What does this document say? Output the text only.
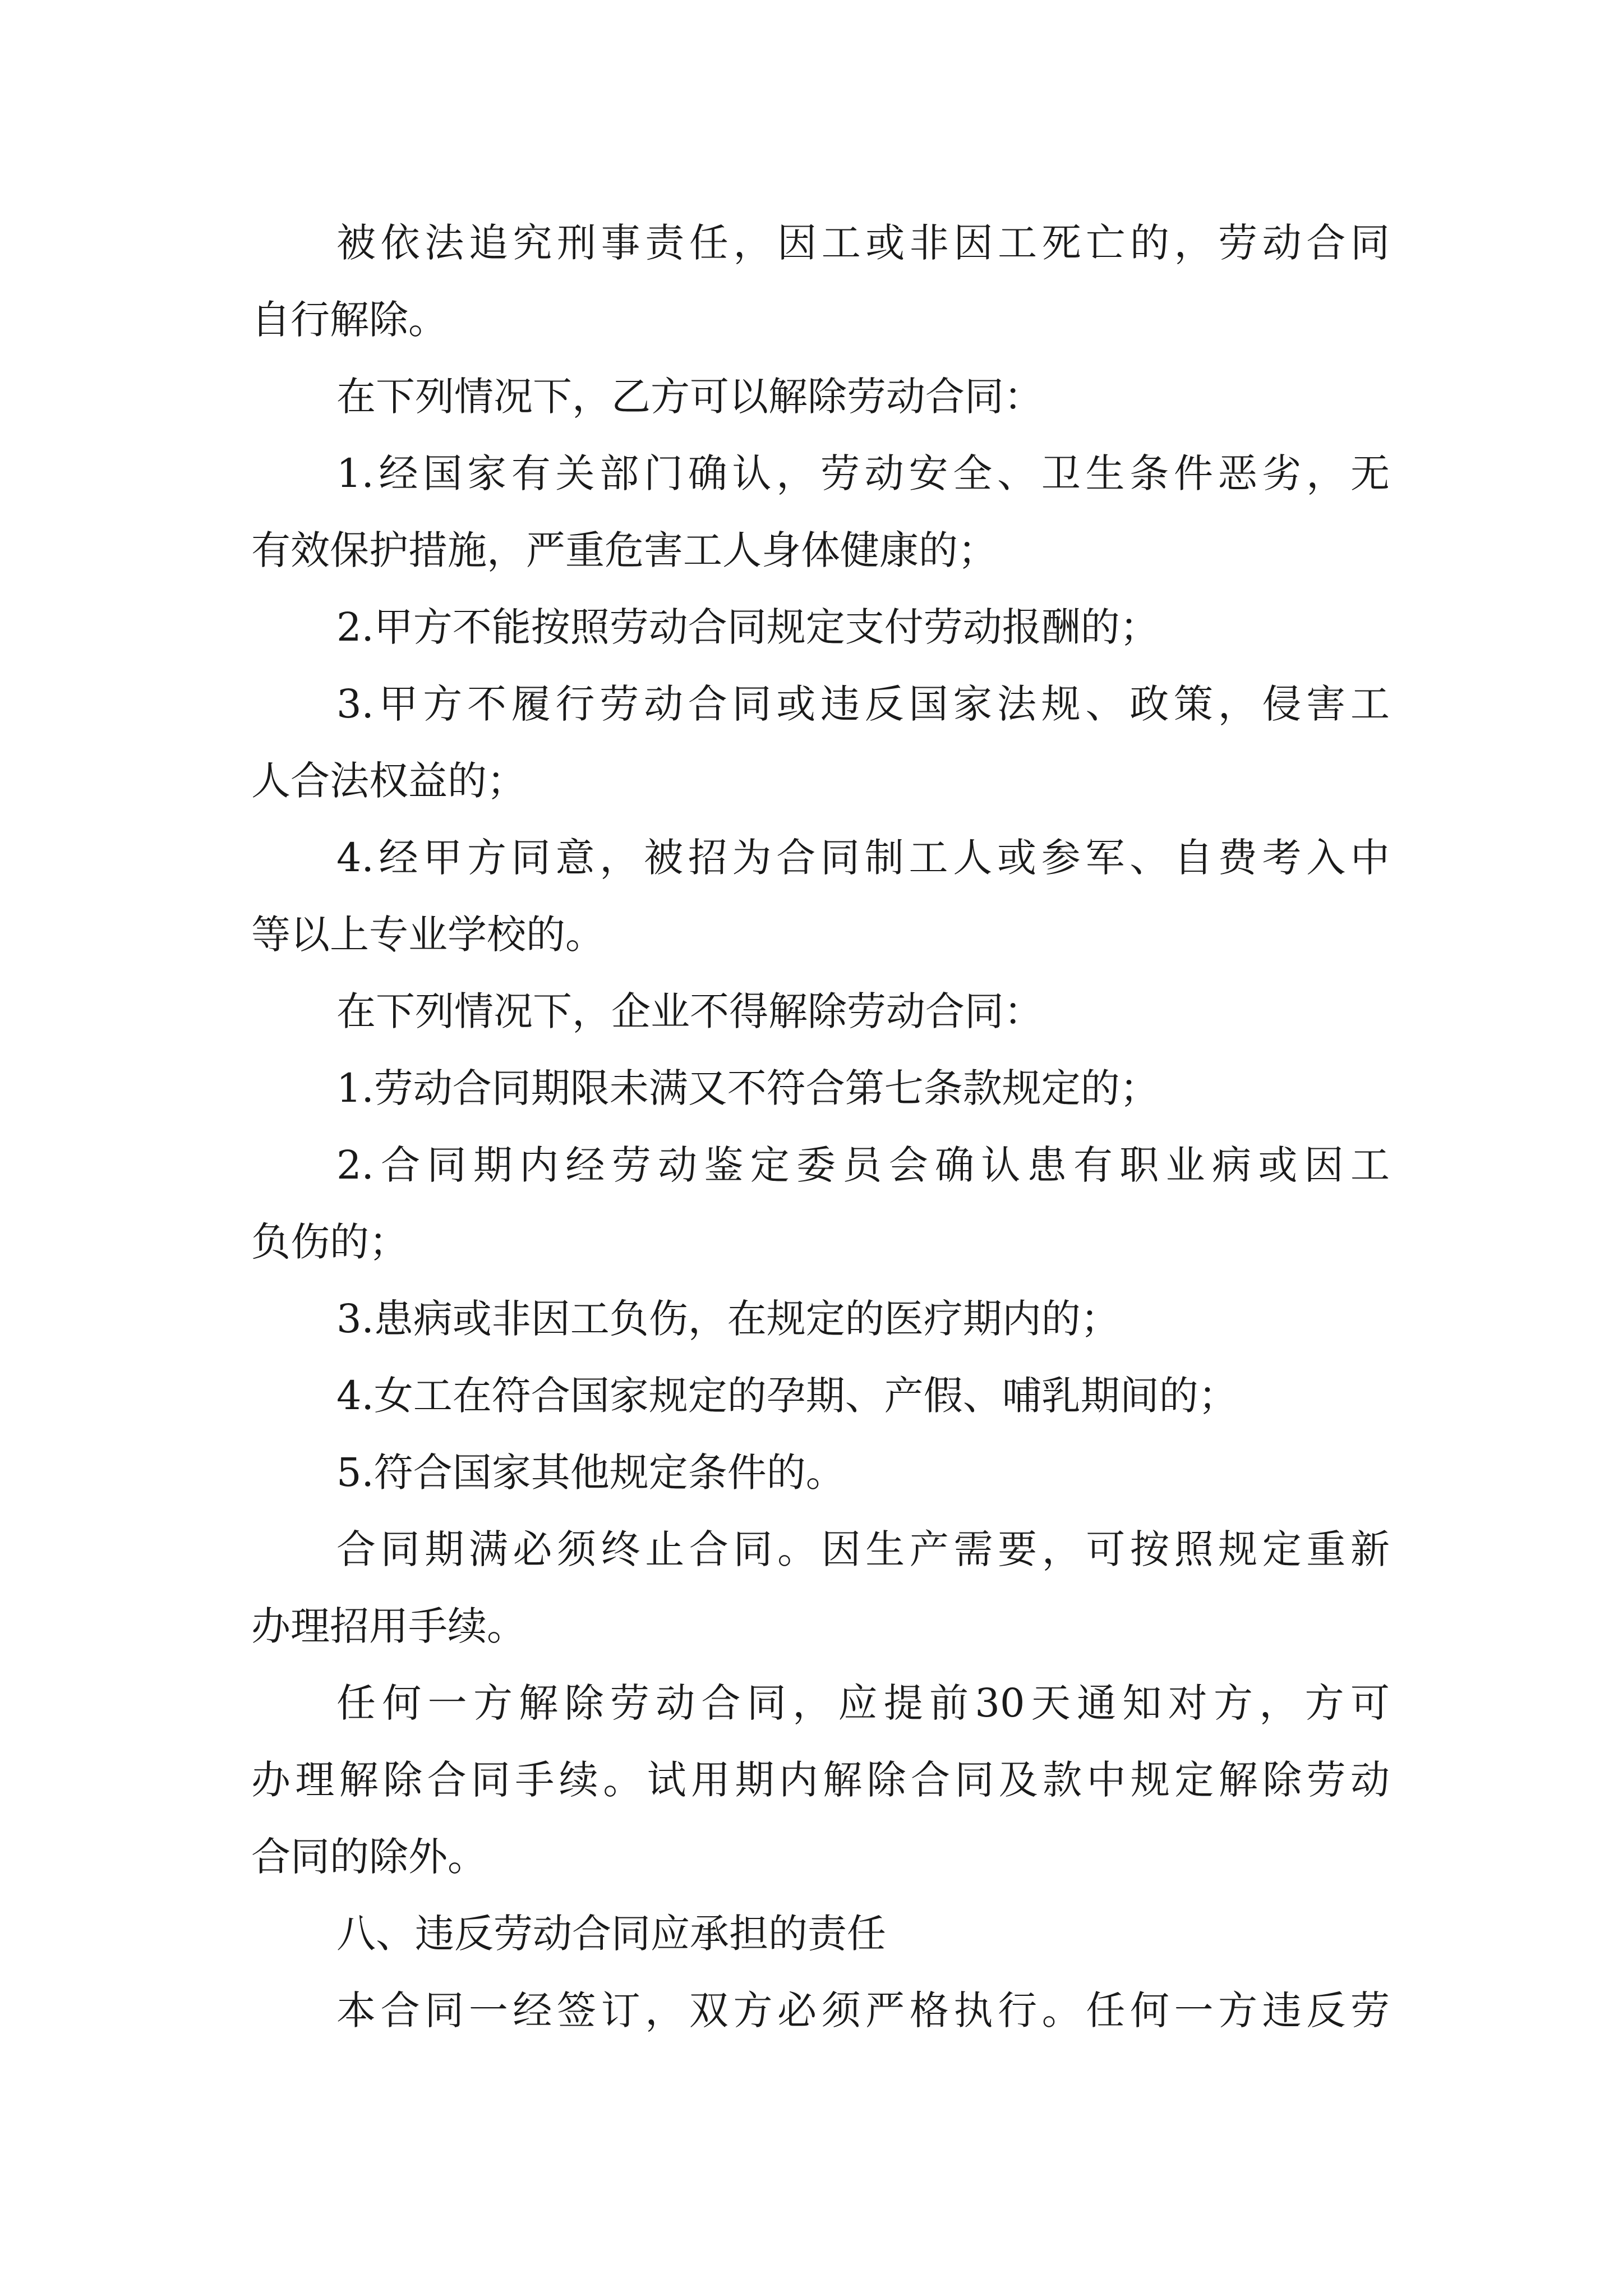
被依法追究刑事责任，因工或非因工死亡的，劳动合同
自行解除。
在下列情况下，乙方可以解除劳动合同：
1.经国家有关部门确认，劳动安全、卫生条件恶劣，无
有效保护措施，严重危害工人身体健康的；
2.甲方不能按照劳动合同规定支付劳动报酬的；
3.甲方不履行劳动合同或违反国家法规、政策，侵害工
人合法权益的；
4.经甲方同意，被招为合同制工人或参军、自费考入中
等以上专业学校的。
在下列情况下，企业不得解除劳动合同：
1.劳动合同期限未满又不符合第七条款规定的；
2.合同期内经劳动鉴定委员会确认患有职业病或因工
负伤的；
3.患病或非因工负伤，在规定的医疗期内的；
4.女工在符合国家规定的孕期、产假、哺乳期间的；
5.符合国家其他规定条件的。
合同期满必须终止合同。因生产需要，可按照规定重新
办理招用手续。
任何一方解除劳动合同，应提前30天通知对方，方可
办理解除合同手续。试用期内解除合同及款中规定解除劳动
合同的除外。
八、违反劳动合同应承担的责任
本合同一经签订，双方必须严格执行。任何一方违反劳
